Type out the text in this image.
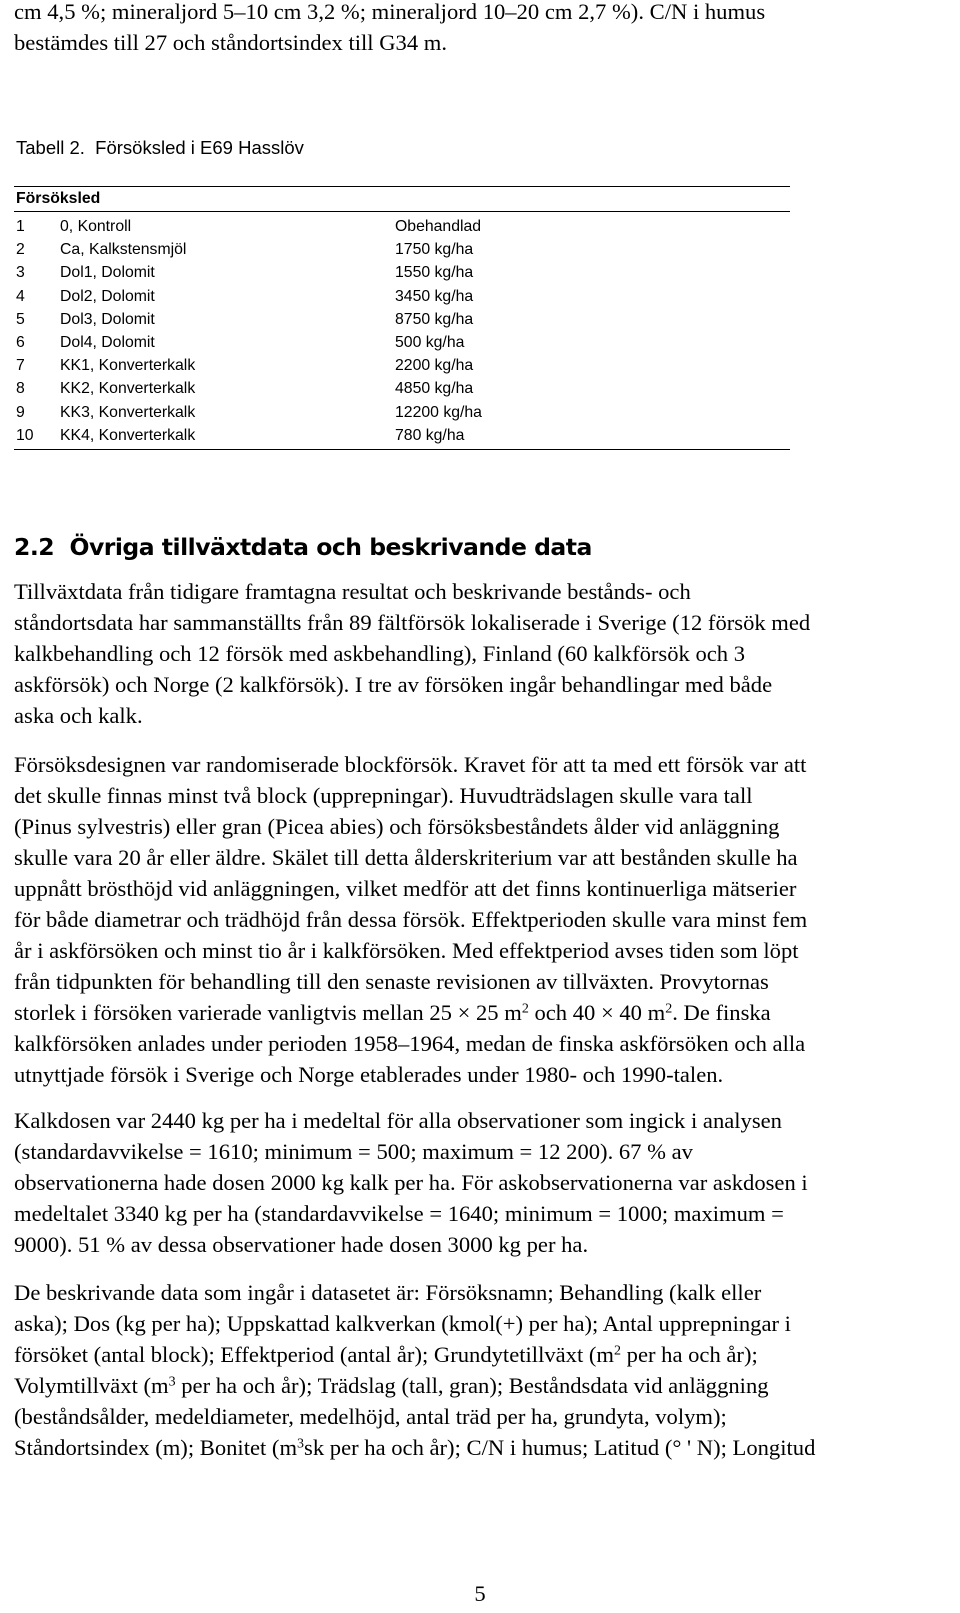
cm 4,5 %; mineraljord 5–10 cm 3,2 %; mineraljord 10–20 cm 2,7 %). C/N i humus
bestämdes till 27 och ståndortsindex till G34 m.

Tabell 2.  Försöksled i E69 Hasslöv
Försöksled
1 0, Kontroll	Obehandlad
2 Ca, Kalkstensmjöl	1750 kg/ha
3 Dol1, Dolomit	1550 kg/ha
4 Dol2, Dolomit	3450 kg/ha
5 Dol3, Dolomit	8750 kg/ha
6 Dol4, Dolomit	500 kg/ha
7 KK1, Konverterkalk	2200 kg/ha
8 KK2, Konverterkalk	4850 kg/ha
9 KK3, Konverterkalk	12200 kg/ha
10 KK4, Konverterkalk	780 kg/ha
2.2  Övriga tillväxtdata och beskrivande data

Tillväxtdata från tidigare framtagna resultat och beskrivande bestånds- och
ståndortsdata har sammanställts från 89 fältförsök lokaliserade i Sverige (12 försök med
kalkbehandling och 12 försök med askbehandling), Finland (60 kalkförsök och 3
askförsök) och Norge (2 kalkförsök). I tre av försöken ingår behandlingar med både
aska och kalk.

Försöksdesignen var randomiserade blockförsök. Kravet för att ta med ett försök var att
det skulle finnas minst två block (upprepningar). Huvudträdslagen skulle vara tall
(Pinus sylvestris) eller gran (Picea abies) och försöksbeståndets ålder vid anläggning
skulle vara 20 år eller äldre. Skälet till detta ålderskriterium var att bestånden skulle ha
uppnått brösthöjd vid anläggningen, vilket medför att det finns kontinuerliga mätserier
för både diametrar och trädhöjd från dessa försök. Effektperioden skulle vara minst fem
år i askförsöken och minst tio år i kalkförsöken. Med effektperiod avses tiden som löpt
från tidpunkten för behandling till den senaste revisionen av tillväxten. Provytornas
storlek i försöken varierade vanligtvis mellan 25 × 25 $m^2$ och 40 × 40 $m^2$. De finska
kalkförsöken anlades under perioden 1958–1964, medan de finska askförsöken och alla
utnyttjade försök i Sverige och Norge etablerades under 1980- och 1990-talen.

Kalkdosen var 2440 kg per ha i medeltal för alla observationer som ingick i analysen
(standardavvikelse = 1610; minimum = 500; maximum = 12 200). 67 % av
observationerna hade dosen 2000 kg kalk per ha. För askobservationerna var askdosen i
medeltalet 3340 kg per ha (standardavvikelse = 1640; minimum = 1000; maximum =
9000). 51 % av dessa observationer hade dosen 3000 kg per ha.

De beskrivande data som ingår i datasetet är: Försöksnamn; Behandling (kalk eller
aska); Dos (kg per ha); Uppskattad kalkverkan (kmol(+) per ha); Antal upprepningar i
försöket (antal block); Effektperiod (antal år); Grundytetillväxt ($m^2$ per ha och år);
Volymtillväxt ($m^3$ per ha och år); Trädslag (tall, gran); Beståndsdata vid anläggning
(beståndsålder, medeldiameter, medelhöjd, antal träd per ha, grundyta, volym);
Ståndortsindex (m); Bonitet ($m^3sk$ per ha och år); C/N i humus; Latitud (° ' N); Longitud

5
